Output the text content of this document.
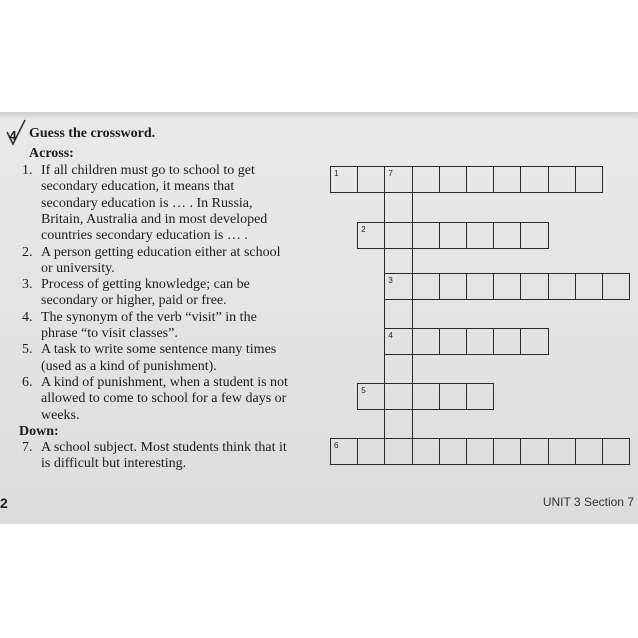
4 Guess the crossword.
Across:
1. If all children must go to school to get
secondary education, it means that
secondary education is … . In Russia,
Britain, Australia and in most developed
countries secondary education is … .
2. A person getting education either at school
or university.
3. Process of getting knowledge; can be
secondary or higher, paid or free.
4. The synonym of the verb “visit” in the
phrase “to visit classes”.
5. A task to write some sentence many times
(used as a kind of punishment).
6. A kind of punishment, when a student is not
allowed to come to school for a few days or
weeks.
7. A school subject. Most students think that it
is difficult but interesting.
Down:
1	7
2
3
4
5
6
2	UNIT 3 Section 7
